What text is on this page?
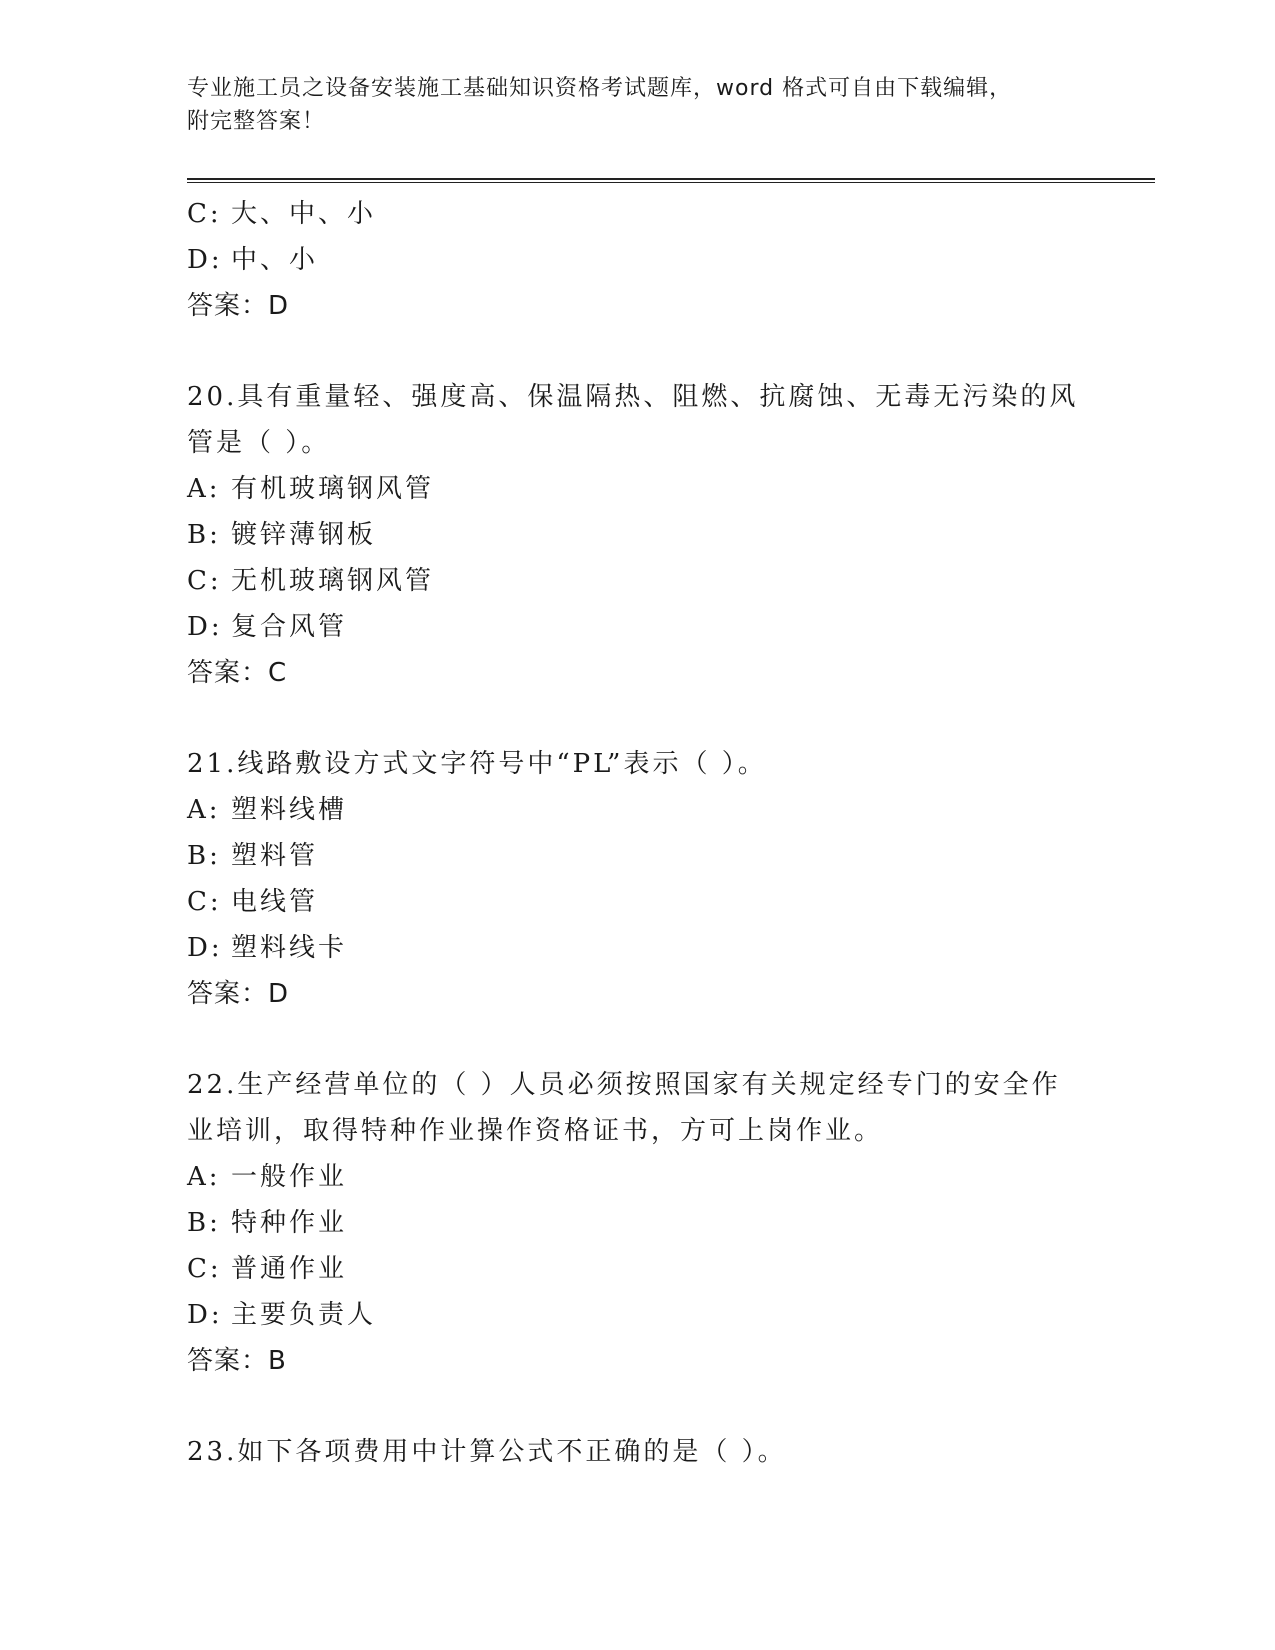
专业施工员之设备安装施工基础知识资格考试题库，word 格式可自由下载编辑，
附完整答案！
C: 大、中、小
D: 中、小
答案：D
20.具有重量轻、强度高、保温隔热、阻燃、抗腐蚀、无毒无污染的风
管是（ ）。
A: 有机玻璃钢风管
B: 镀锌薄钢板
C: 无机玻璃钢风管
D: 复合风管
答案：C
21.线路敷设方式文字符号中“PL”表示（ ）。
A: 塑料线槽
B: 塑料管
C: 电线管
D: 塑料线卡
答案：D
22.生产经营单位的（ ）人员必须按照国家有关规定经专门的安全作
业培训，取得特种作业操作资格证书，方可上岗作业。
A: 一般作业
B: 特种作业
C: 普通作业
D: 主要负责人
答案：B
23.如下各项费用中计算公式不正确的是（ ）。
